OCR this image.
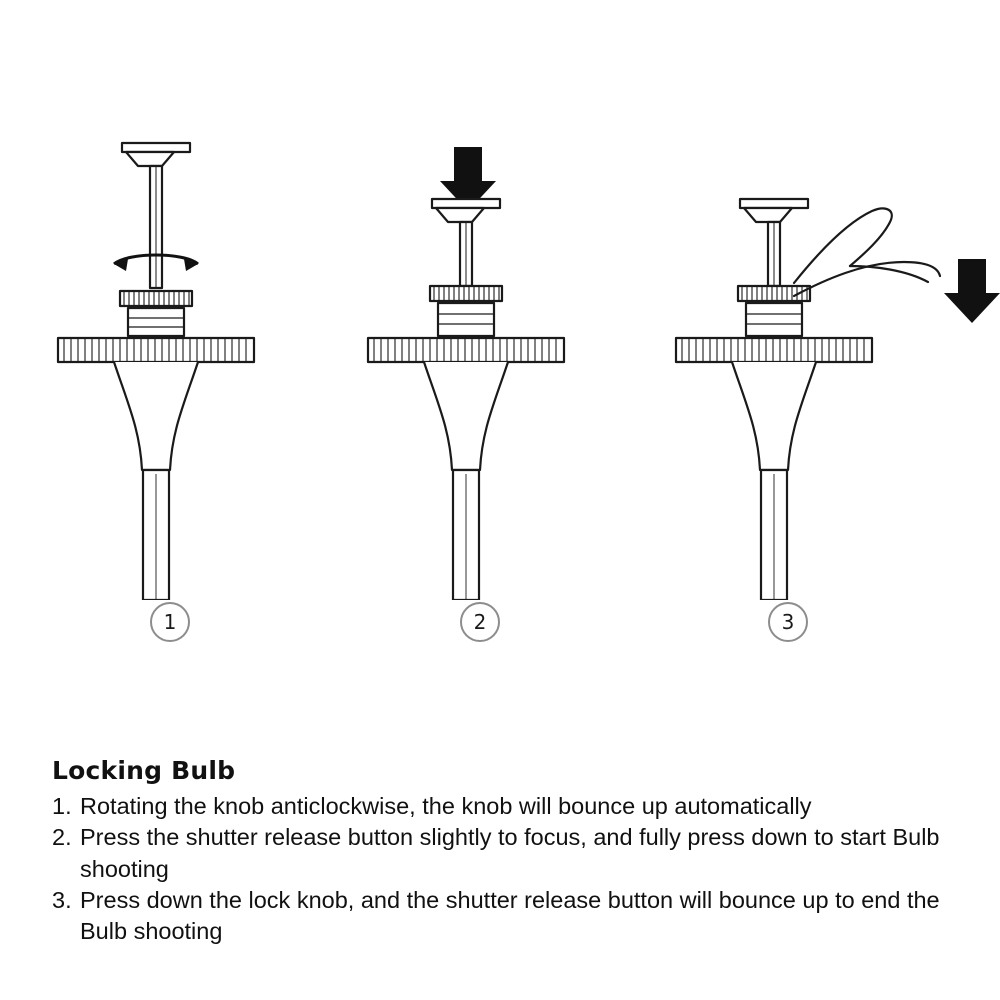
1	2	3
Locking Bulb
1. Rotating the knob anticlockwise, the knob will bounce up automatically
2. Press the shutter release button slightly to focus, and fully press down to start Bulb shooting
3. Press down the lock knob, and the shutter release button will bounce up to end the Bulb shooting
